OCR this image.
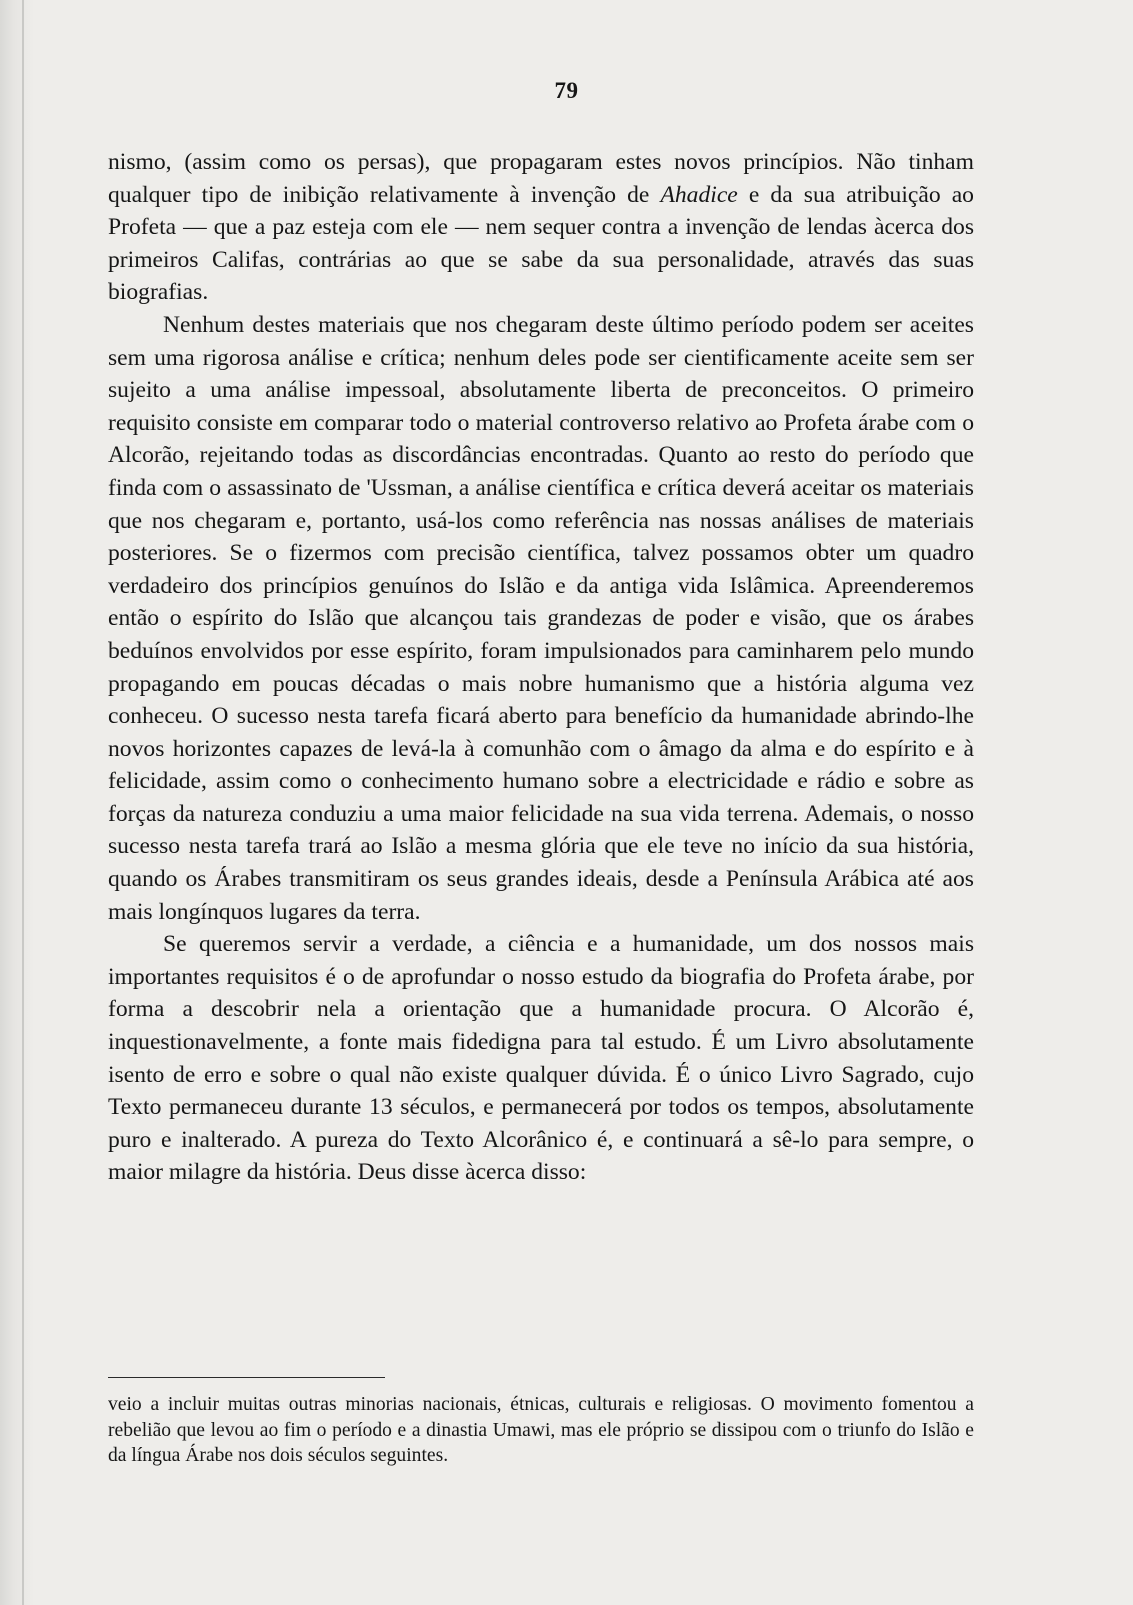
79

nismo, (assim como os persas), que propagaram estes novos princípios. Não tinham qualquer tipo de inibição relativamente à invenção de Ahadice e da sua atribuição ao Profeta — que a paz esteja com ele — nem sequer contra a invenção de lendas àcerca dos primeiros Califas, contrárias ao que se sabe da sua personalidade, através das suas biografias.

Nenhum destes materiais que nos chegaram deste último período podem ser aceites sem uma rigorosa análise e crítica; nenhum deles pode ser cientificamente aceite sem ser sujeito a uma análise impessoal, absolutamente liberta de preconceitos. O primeiro requisito consiste em comparar todo o material controverso relativo ao Profeta árabe com o Alcorão, rejeitando todas as discordâncias encontradas. Quanto ao resto do período que finda com o assassinato de 'Ussman, a análise científica e crítica deverá aceitar os materiais que nos chegaram e, portanto, usá-los como referência nas nossas análises de materiais posteriores. Se o fizermos com precisão científica, talvez possamos obter um quadro verdadeiro dos princípios genuínos do Islão e da antiga vida Islâmica. Apreenderemos então o espírito do Islão que alcançou tais grandezas de poder e visão, que os árabes beduínos envolvidos por esse espírito, foram impulsionados para caminharem pelo mundo propagando em poucas décadas o mais nobre humanismo que a história alguma vez conheceu. O sucesso nesta tarefa ficará aberto para benefício da humanidade abrindo-lhe novos horizontes capazes de levá-la à comunhão com o âmago da alma e do espírito e à felicidade, assim como o conhecimento humano sobre a electricidade e rádio e sobre as forças da natureza conduziu a uma maior felicidade na sua vida terrena. Ademais, o nosso sucesso nesta tarefa trará ao Islão a mesma glória que ele teve no início da sua história, quando os Árabes transmitiram os seus grandes ideais, desde a Península Arábica até aos mais longínquos lugares da terra.

Se queremos servir a verdade, a ciência e a humanidade, um dos nossos mais importantes requisitos é o de aprofundar o nosso estudo da biografia do Profeta árabe, por forma a descobrir nela a orientação que a humanidade procura. O Alcorão é, inquestionavelmente, a fonte mais fidedigna para tal estudo. É um Livro absolutamente isento de erro e sobre o qual não existe qualquer dúvida. É o único Livro Sagrado, cujo Texto permaneceu durante 13 séculos, e permanecerá por todos os tempos, absolutamente puro e inalterado. A pureza do Texto Alcorânico é, e continuará a sê-lo para sempre, o maior milagre da história. Deus disse àcerca disso:

veio a incluir muitas outras minorias nacionais, étnicas, culturais e religiosas. O movimento fomentou a rebelião que levou ao fim o período e a dinastia Umawi, mas ele próprio se dissipou com o triunfo do Islão e da língua Árabe nos dois séculos seguintes.
